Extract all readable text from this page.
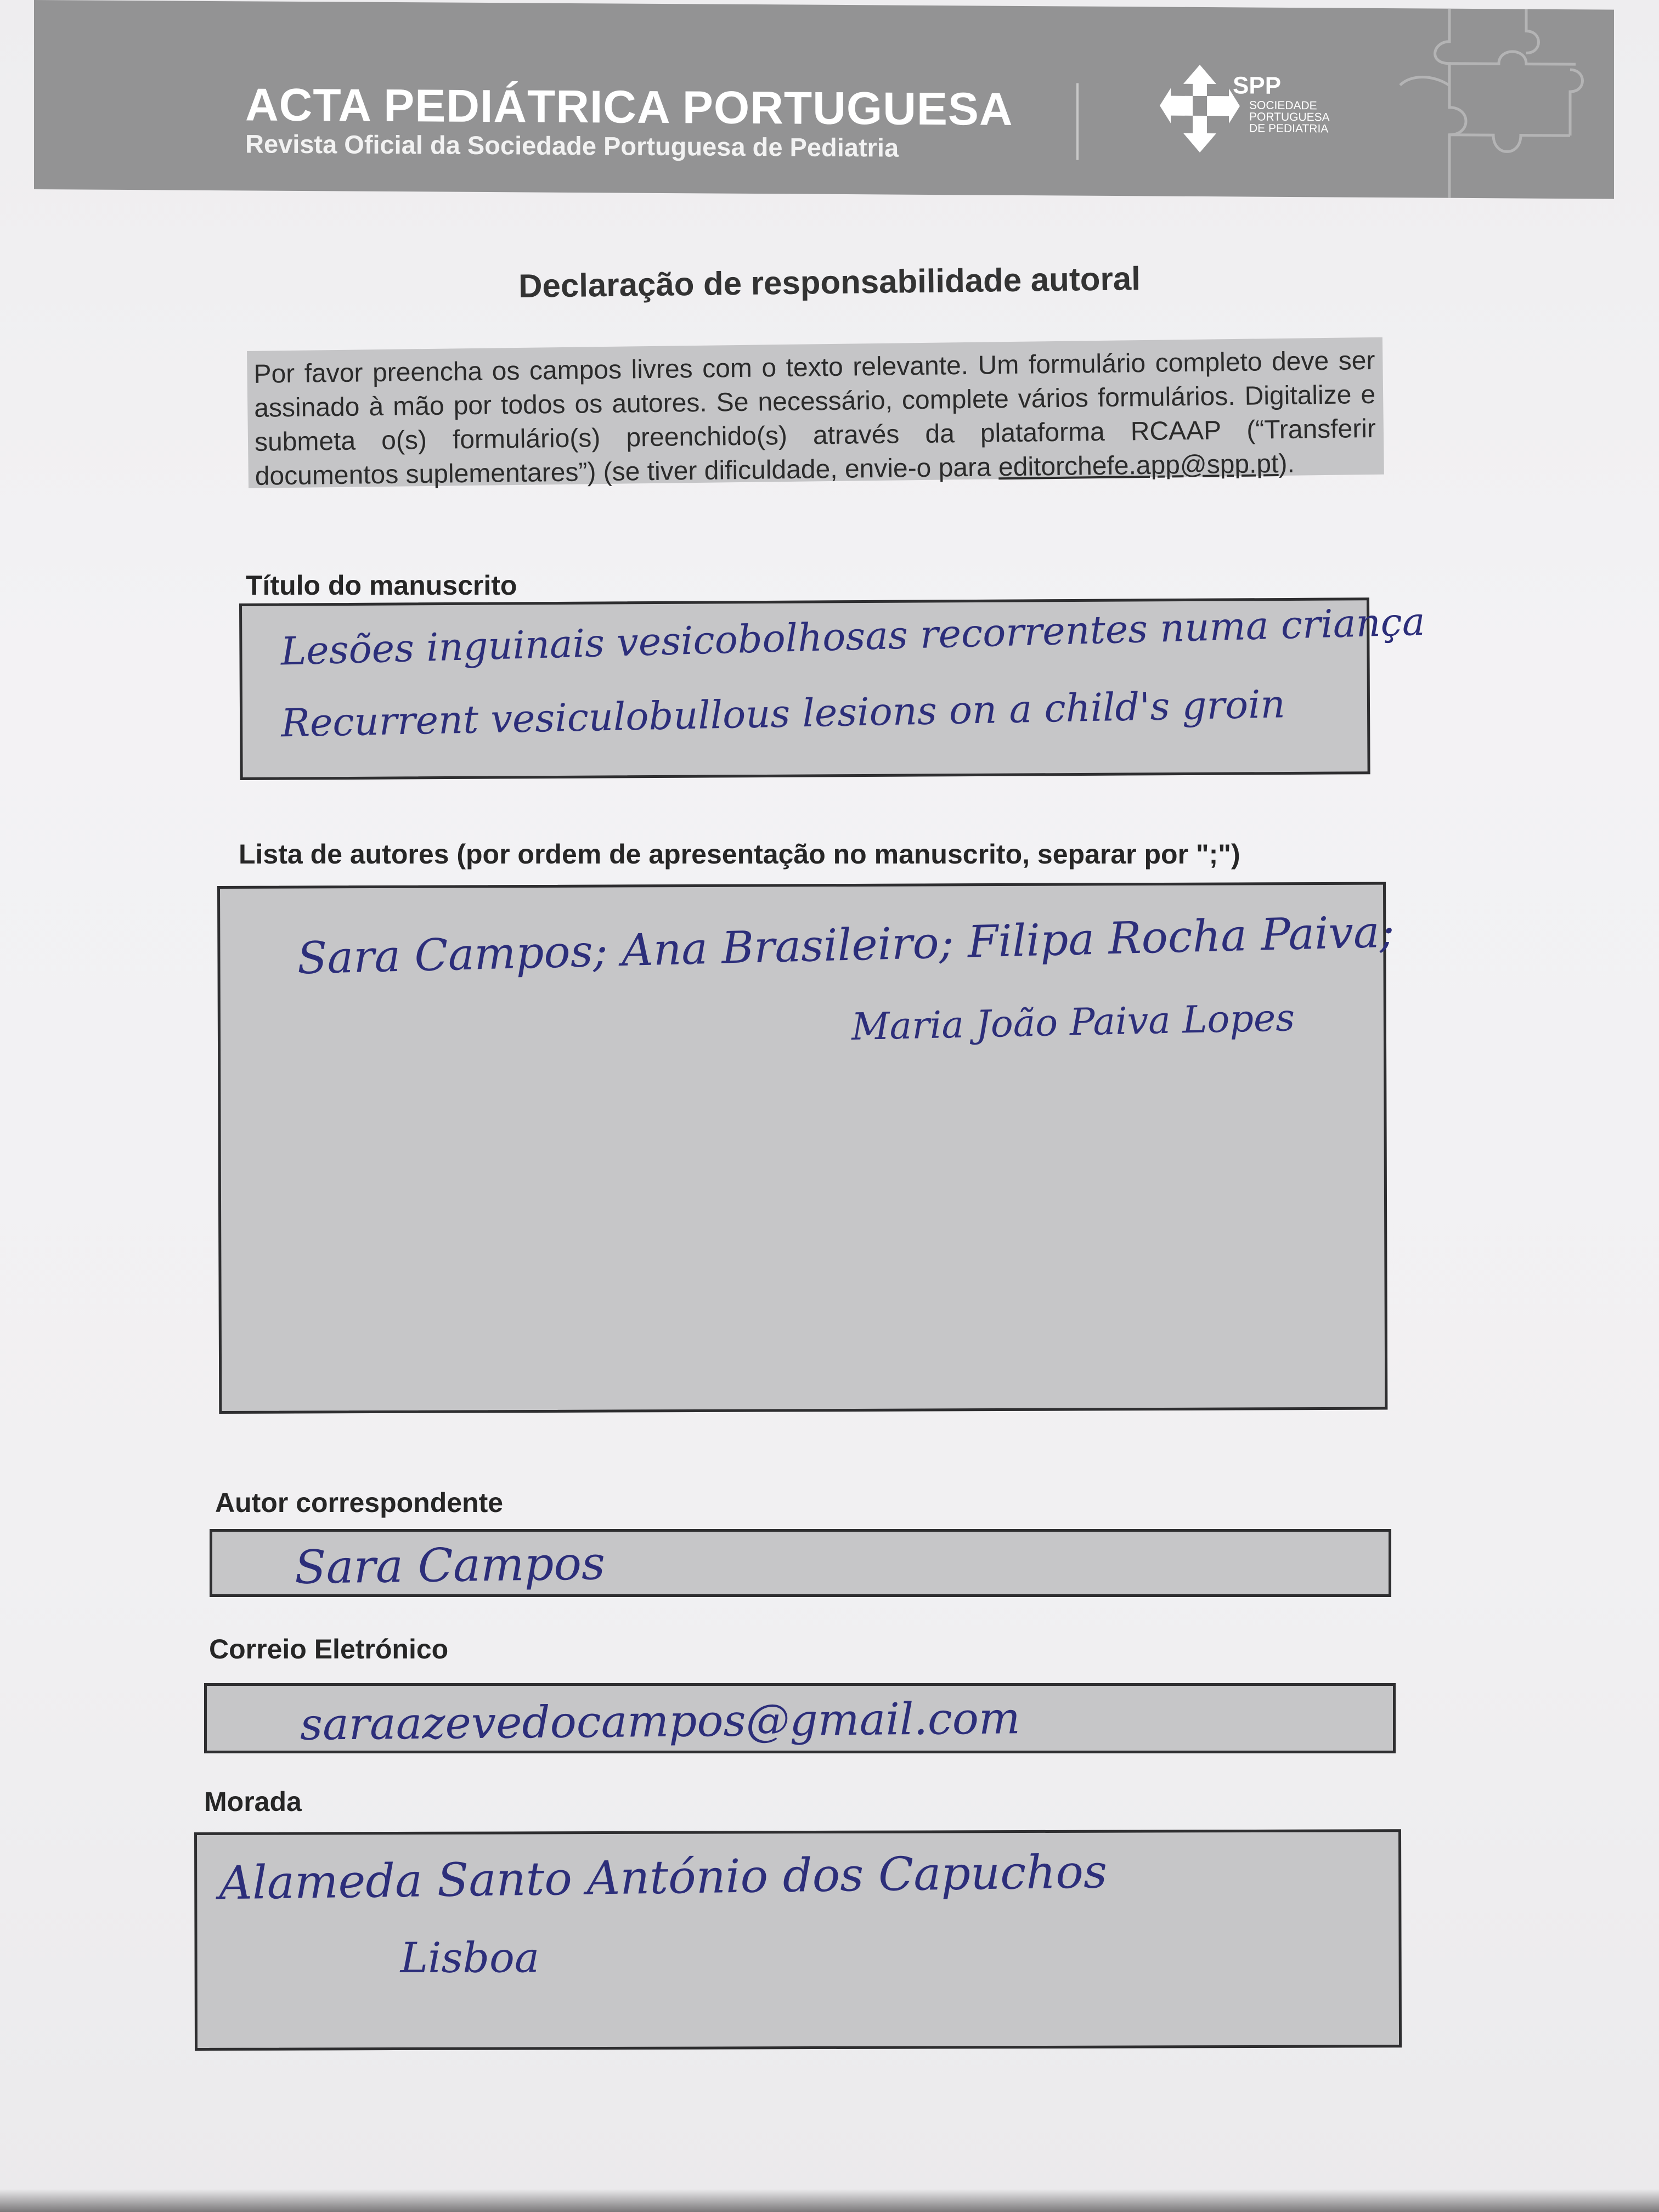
ACTA PEDIÁTRICA PORTUGUESA
Revista Oficial da Sociedade Portuguesa de Pediatria
SPP
SOCIEDADE
PORTUGUESA
DE PEDIATRIA
Declaração de responsabilidade autoral

Por favor preencha os campos livres com o texto relevante. Um formulário completo deve ser assinado à mão por todos os autores. Se necessário, complete vários formulários. Digitalize e submeta o(s) formulário(s) preenchido(s) através da plataforma RCAAP (“Transferir documentos suplementares”) (se tiver dificuldade, envie-o para editorchefe.app@spp.pt).

Título do manuscrito
Lesões inguinais vesicobolhosas recorrentes numa criança
Recurrent vesiculobullous lesions on a child's groin
Lista de autores (por ordem de apresentação no manuscrito, separar por ";")
Sara Campos; Ana Brasileiro; Filipa Rocha Paiva;
Maria João Paiva Lopes
Autor correspondente
Sara Campos
Correio Eletrónico
saraazevedocampos@gmail.com
Morada
Alameda Santo António dos Capuchos
Lisboa
